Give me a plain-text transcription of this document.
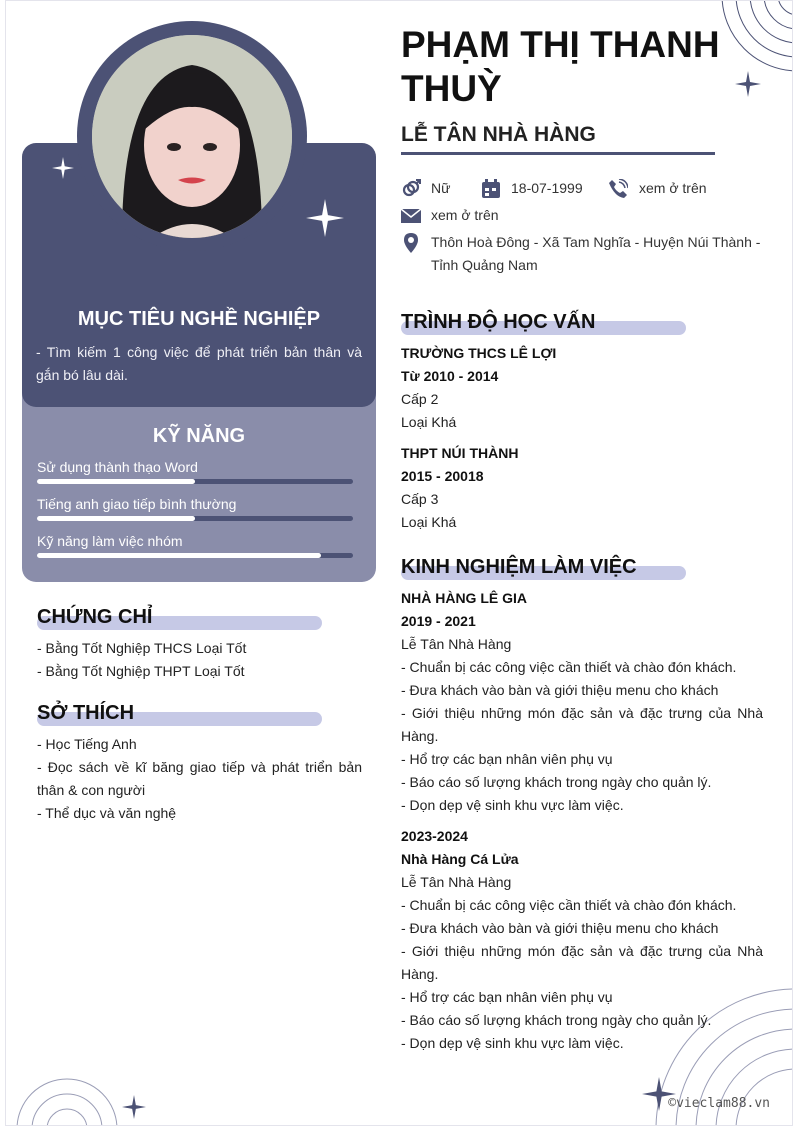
MỤC TIÊU NGHỀ NGHIỆP
- Tìm kiếm 1 công việc để phát triển bản thân và gắn bó lâu dài.
KỸ NĂNG
Sử dụng thành thạo Word
Tiếng anh giao tiếp bình thường
Kỹ năng làm việc nhóm
CHỨNG CHỈ
- Bằng Tốt Nghiệp THCS Loại Tốt
- Bằng Tốt Nghiệp THPT Loại Tốt
SỞ THÍCH
- Học Tiếng Anh
- Đọc sách về kĩ băng giao tiếp và phát triển bản thân & con người
- Thể dục và văn nghệ
PHẠM THỊ THANH THUỲ
LỄ TÂN NHÀ HÀNG
Nữ	18-07-1999	xem ở trên
xem ở trên
Thôn Hoà Đông - Xã Tam Nghĩa - Huyện Núi Thành - Tỉnh Quảng Nam
TRÌNH ĐỘ HỌC VẤN
TRƯỜNG THCS LÊ LỢI
Từ 2010 - 2014
Cấp 2
Loại Khá
THPT NÚI THÀNH
2015 - 20018
Cấp 3
Loại Khá
KINH NGHIỆM LÀM VIỆC
NHÀ HÀNG LÊ GIA
2019 - 2021
Lễ Tân Nhà Hàng
- Chuẩn bị các công việc cần thiết và chào đón khách.
- Đưa khách vào bàn và giới thiệu menu cho khách
- Giới thiệu những món đặc sản và đặc trưng của Nhà Hàng.
- Hổ trợ các bạn nhân viên phụ vụ
- Báo cáo số lượng khách trong ngày cho quản lý.
- Dọn dẹp vệ sinh khu vực làm việc.
2023-2024
Nhà Hàng Cá Lửa
Lễ Tân Nhà Hàng
- Chuẩn bị các công việc cần thiết và chào đón khách.
- Đưa khách vào bàn và giới thiệu menu cho khách
- Giới thiệu những món đặc sản và đặc trưng của Nhà Hàng.
- Hổ trợ các bạn nhân viên phụ vụ
- Báo cáo số lượng khách trong ngày cho quản lý.
- Dọn dẹp vệ sinh khu vực làm việc.
©vieclam88.vn
